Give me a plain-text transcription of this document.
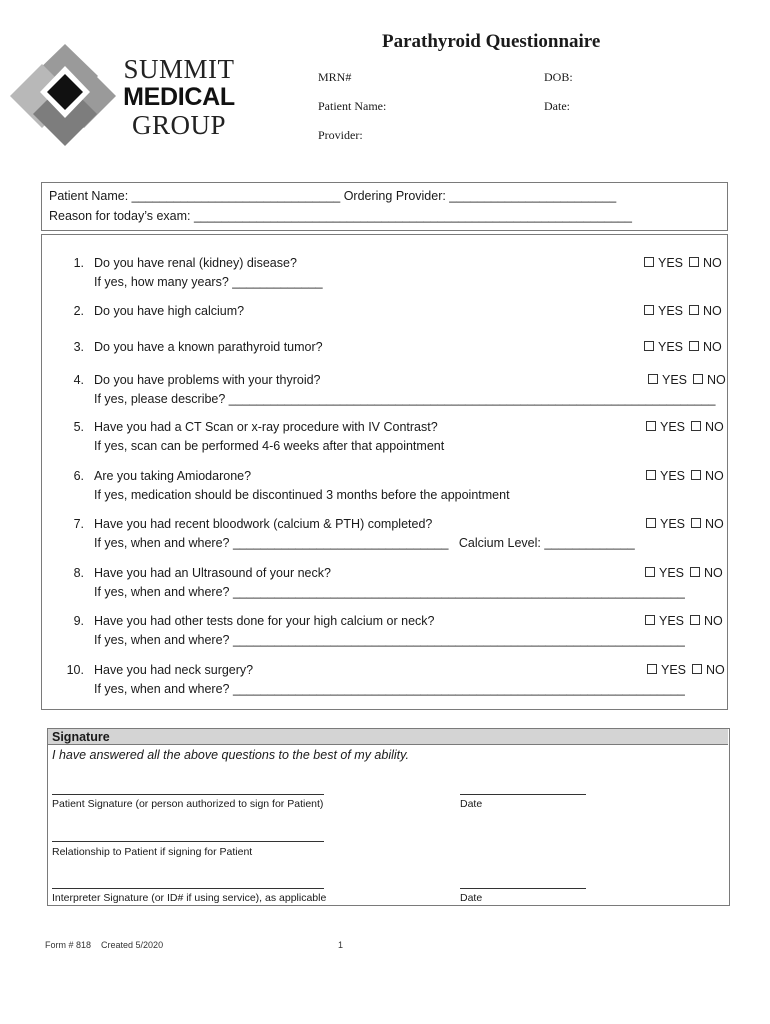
SUMMIT
MEDICAL
GROUP
Parathyroid Questionnaire
MRN#	DOB:
Patient Name:	Date:
Provider:
Patient Name: ______________________________ Ordering Provider: ________________________
Reason for today’s exam: _______________________________________________________________
1. Do you have renal (kidney) disease?
If yes, how many years? _____________
YES NO
2. Do you have high calcium?	YES NO
3. Do you have a known parathyroid tumor?	YES NO
4. Do you have problems with your thyroid?
If yes, please describe? ______________________________________________________________________
YES NO
5. Have you had a CT Scan or x-ray procedure with IV Contrast?
If yes, scan can be performed 4-6 weeks after that appointment
YES NO
6. Are you taking Amiodarone?
If yes, medication should be discontinued 3 months before the appointment
YES NO
7. Have you had recent bloodwork (calcium & PTH) completed?
If yes, when and where? _______________________________   Calcium Level: _____________
YES NO
8. Have you had an Ultrasound of your neck?
If yes, when and where? _________________________________________________________________
YES NO
9. Have you had other tests done for your high calcium or neck?
If yes, when and where? _________________________________________________________________
YES NO
10. Have you had neck surgery?
If yes, when and where? _________________________________________________________________
YES NO
Signature
I have answered all the above questions to the best of my ability.
Patient Signature (or person authorized to sign for Patient)	Date
Relationship to Patient if signing for Patient
Interpreter Signature (or ID# if using service), as applicable	Date
Form # 818    Created 5/2020	1
